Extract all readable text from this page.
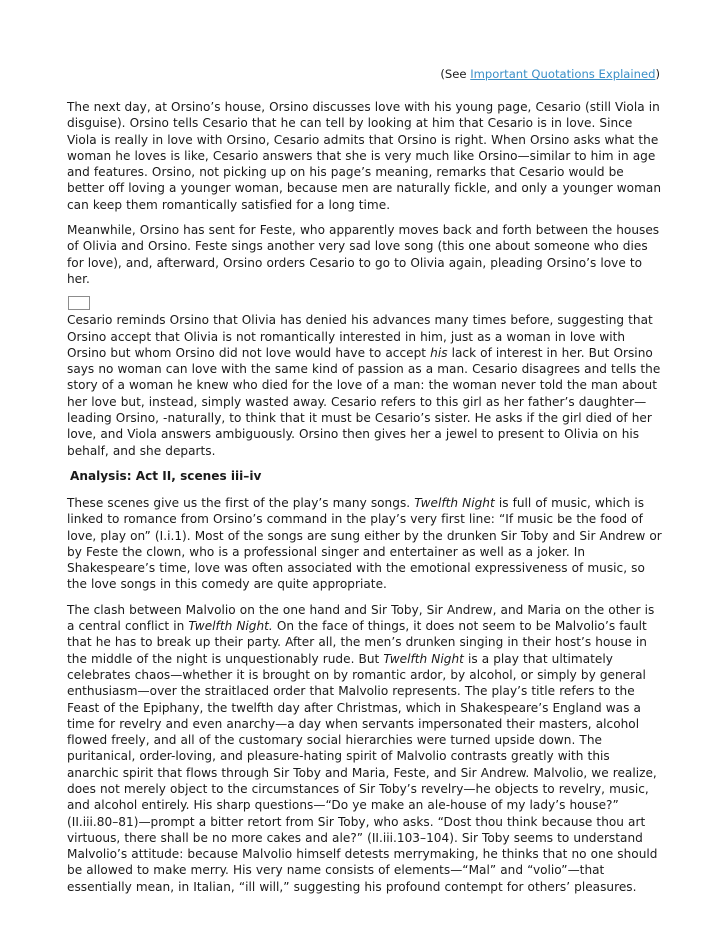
(See Important Quotations Explained)

The next day, at Orsino’s house, Orsino discusses love with his young page, Cesario (still Viola in disguise). Orsino tells Cesario that he can tell by looking at him that Cesario is in love. Since Viola is really in love with Orsino, Cesario admits that Orsino is right. When Orsino asks what the woman he loves is like, Cesario answers that she is very much like Orsino—similar to him in age and features. Orsino, not picking up on his page’s meaning, remarks that Cesario would be better off loving a younger woman, because men are naturally fickle, and only a younger woman can keep them romantically satisfied for a long time.

Meanwhile, Orsino has sent for Feste, who apparently moves back and forth between the houses of Olivia and Orsino. Feste sings another very sad love song (this one about someone who dies for love), and, afterward, Orsino orders Cesario to go to Olivia again, pleading Orsino’s love to her.

Cesario reminds Orsino that Olivia has denied his advances many times before, suggesting that Orsino accept that Olivia is not romantically interested in him, just as a woman in love with Orsino but whom Orsino did not love would have to accept his lack of interest in her. But Orsino says no woman can love with the same kind of passion as a man. Cesario disagrees and tells the story of a woman he knew who died for the love of a man: the woman never told the man about her love but, instead, simply wasted away. Cesario refers to this girl as her father’s daughter—leading Orsino, -naturally, to think that it must be Cesario’s sister. He asks if the girl died of her love, and Viola answers ambiguously. Orsino then gives her a jewel to present to Olivia on his behalf, and she departs.

Analysis: Act II, scenes iii–iv

These scenes give us the first of the play’s many songs. Twelfth Night is full of music, which is linked to romance from Orsino’s command in the play’s very first line: “If music be the food of love, play on” (I.i.1). Most of the songs are sung either by the drunken Sir Toby and Sir Andrew or by Feste the clown, who is a professional singer and entertainer as well as a joker. In Shakespeare’s time, love was often associated with the emotional expressiveness of music, so the love songs in this comedy are quite appropriate.

The clash between Malvolio on the one hand and Sir Toby, Sir Andrew, and Maria on the other is a central conflict in Twelfth Night. On the face of things, it does not seem to be Malvolio’s fault that he has to break up their party. After all, the men’s drunken singing in their host’s house in the middle of the night is unquestionably rude. But Twelfth Night is a play that ultimately celebrates chaos—whether it is brought on by romantic ardor, by alcohol, or simply by general enthusiasm—over the straitlaced order that Malvolio represents. The play’s title refers to the Feast of the Epiphany, the twelfth day after Christmas, which in Shakespeare’s England was a time for revelry and even anarchy—a day when servants impersonated their masters, alcohol flowed freely, and all of the customary social hierarchies were turned upside down. The puritanical, order-loving, and pleasure-hating spirit of Malvolio contrasts greatly with this anarchic spirit that flows through Sir Toby and Maria, Feste, and Sir Andrew. Malvolio, we realize, does not merely object to the circumstances of Sir Toby’s revelry—he objects to revelry, music, and alcohol entirely. His sharp questions—“Do ye make an ale-house of my lady’s house?” (II.iii.80–81)—prompt a bitter retort from Sir Toby, who asks. “Dost thou think because thou art virtuous, there shall be no more cakes and ale?” (II.iii.103–104). Sir Toby seems to understand Malvolio’s attitude: because Malvolio himself detests merrymaking, he thinks that no one should be allowed to make merry. His very name consists of elements—“Mal” and “volio”—that essentially mean, in Italian, “ill will,” suggesting his profound contempt for others’ pleasures.
